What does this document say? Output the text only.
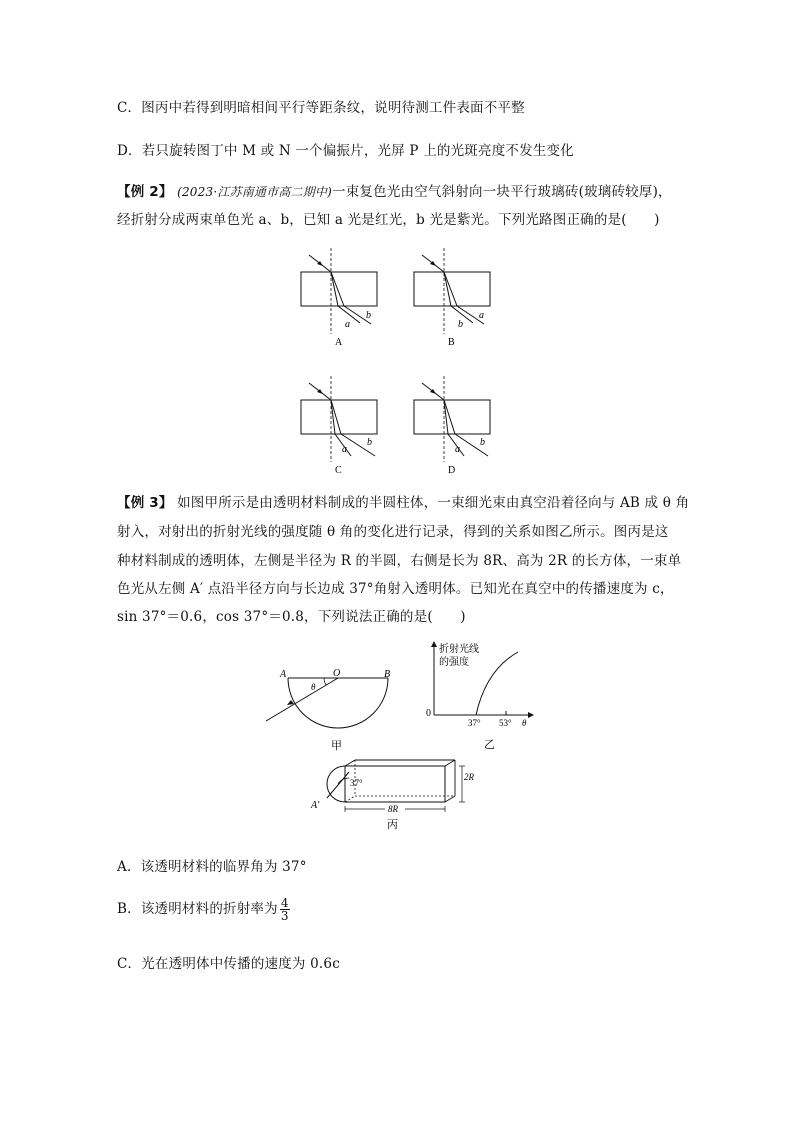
C．图丙中若得到明暗相间平行等距条纹，说明待测工件表面不平整
D．若只旋转图丁中 M 或 N 一个偏振片，光屏 P 上的光斑亮度不发生变化
【例 2】 (2023·江苏南通市高二期中)一束复色光由空气斜射向一块平行玻璃砖(玻璃砖较厚)，
经折射分成两束单色光 a、b，已知 a 光是红光，b 光是紫光。下列光路图正确的是(　　)
a
b
A
b
a
B
a
b
C
a
b
D
【例 3】 如图甲所示是由透明材料制成的半圆柱体，一束细光束由真空沿着径向与 AB 成 θ 角
射入，对射出的折射光线的强度随 θ 角的变化进行记录，得到的关系如图乙所示。图丙是这
种材料制成的透明体，左侧是半径为 R 的半圆，右侧是长为 8R、高为 2R 的长方体，一束单
色光从左侧 A′ 点沿半径方向与长边成 37°角射入透明体。已知光在真空中的传播速度为 c，
sin 37°＝0.6，cos 37°＝0.8，下列说法正确的是(　　)
A	O	B
θ
甲
折射光线
的强度
0
37° 53° θ
乙
37°
2R
8R
A′
丙
A．该透明材料的临界角为 37°
B．该透明材料的折射率为 $\frac{4}{3}$
C．光在透明体中传播的速度为 0.6c
